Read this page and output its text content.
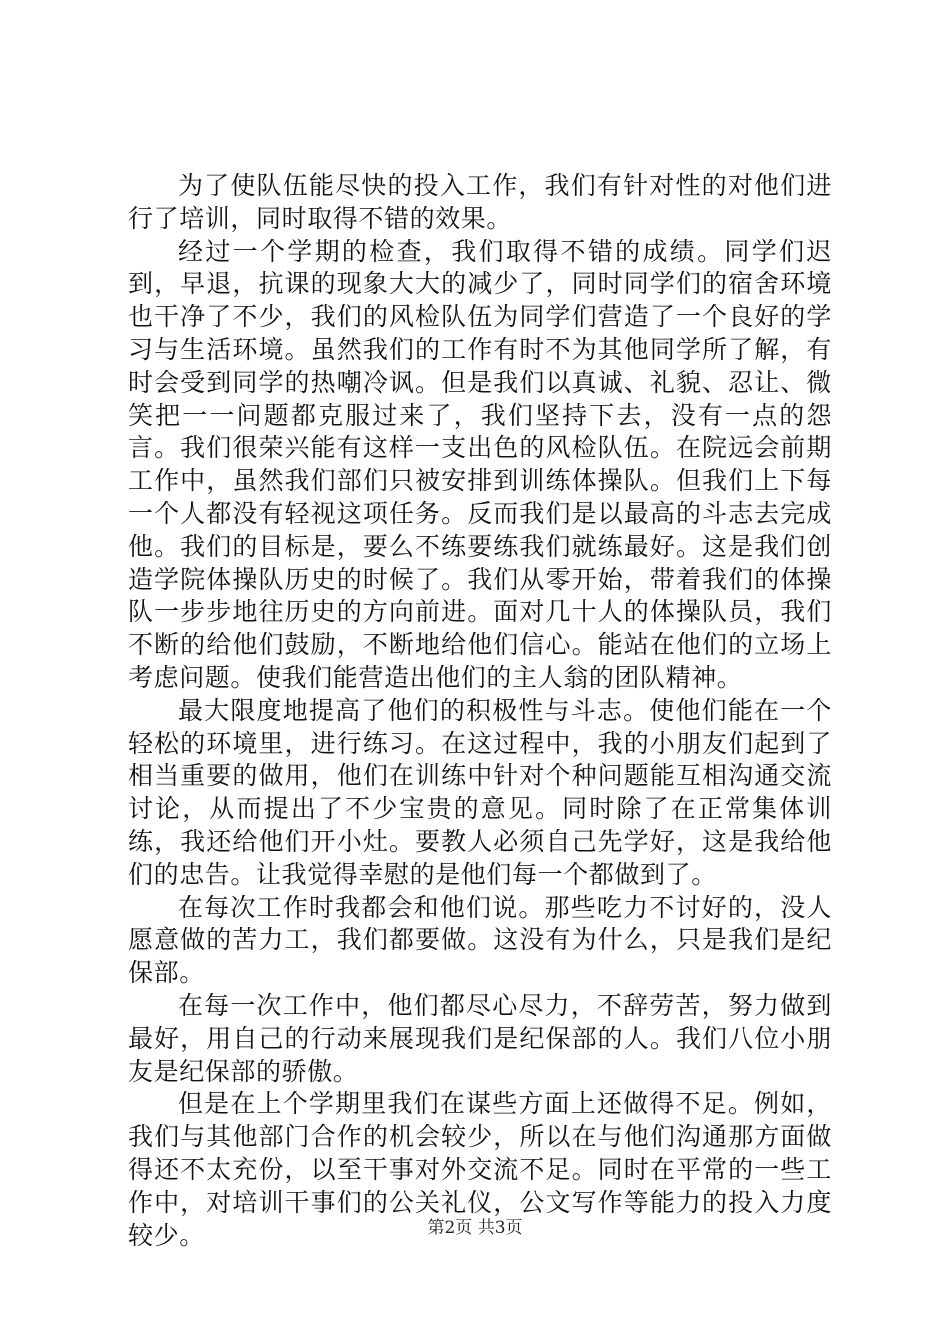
为了使队伍能尽快的投入工作，我们有针对性的对他们进行了培训，同时取得不错的效果。

经过一个学期的检查，我们取得不错的成绩。同学们迟到，早退，抗课的现象大大的减少了，同时同学们的宿舍环境也干净了不少，我们的风检队伍为同学们营造了一个良好的学习与生活环境。虽然我们的工作有时不为其他同学所了解，有时会受到同学的热嘲冷讽。但是我们以真诚、礼貌、忍让、微笑把一一问题都克服过来了，我们坚持下去，没有一点的怨言。我们很荣兴能有这样一支出色的风检队伍。在院远会前期工作中，虽然我们部们只被安排到训练体操队。但我们上下每一个人都没有轻视这项任务。反而我们是以最高的斗志去完成他。我们的目标是，要么不练要练我们就练最好。这是我们创造学院体操队历史的时候了。我们从零开始，带着我们的体操队一步步地往历史的方向前进。面对几十人的体操队员，我们不断的给他们鼓励，不断地给他们信心。能站在他们的立场上考虑问题。使我们能营造出他们的主人翁的团队精神。

最大限度地提高了他们的积极性与斗志。使他们能在一个轻松的环境里，进行练习。在这过程中，我的小朋友们起到了相当重要的做用，他们在训练中针对个种问题能互相沟通交流讨论，从而提出了不少宝贵的意见。同时除了在正常集体训练，我还给他们开小灶。要教人必须自己先学好，这是我给他们的忠告。让我觉得幸慰的是他们每一个都做到了。

在每次工作时我都会和他们说。那些吃力不讨好的，没人愿意做的苦力工，我们都要做。这没有为什么，只是我们是纪保部。

在每一次工作中，他们都尽心尽力，不辞劳苦，努力做到最好，用自己的行动来展现我们是纪保部的人。我们八位小朋友是纪保部的骄傲。

但是在上个学期里我们在谋些方面上还做得不足。例如，我们与其他部门合作的机会较少，所以在与他们沟通那方面做得还不太充份，以至干事对外交流不足。同时在平常的一些工作中，对培训干事们的公关礼仪，公文写作等能力的投入力度较少。	第2页 共3页
